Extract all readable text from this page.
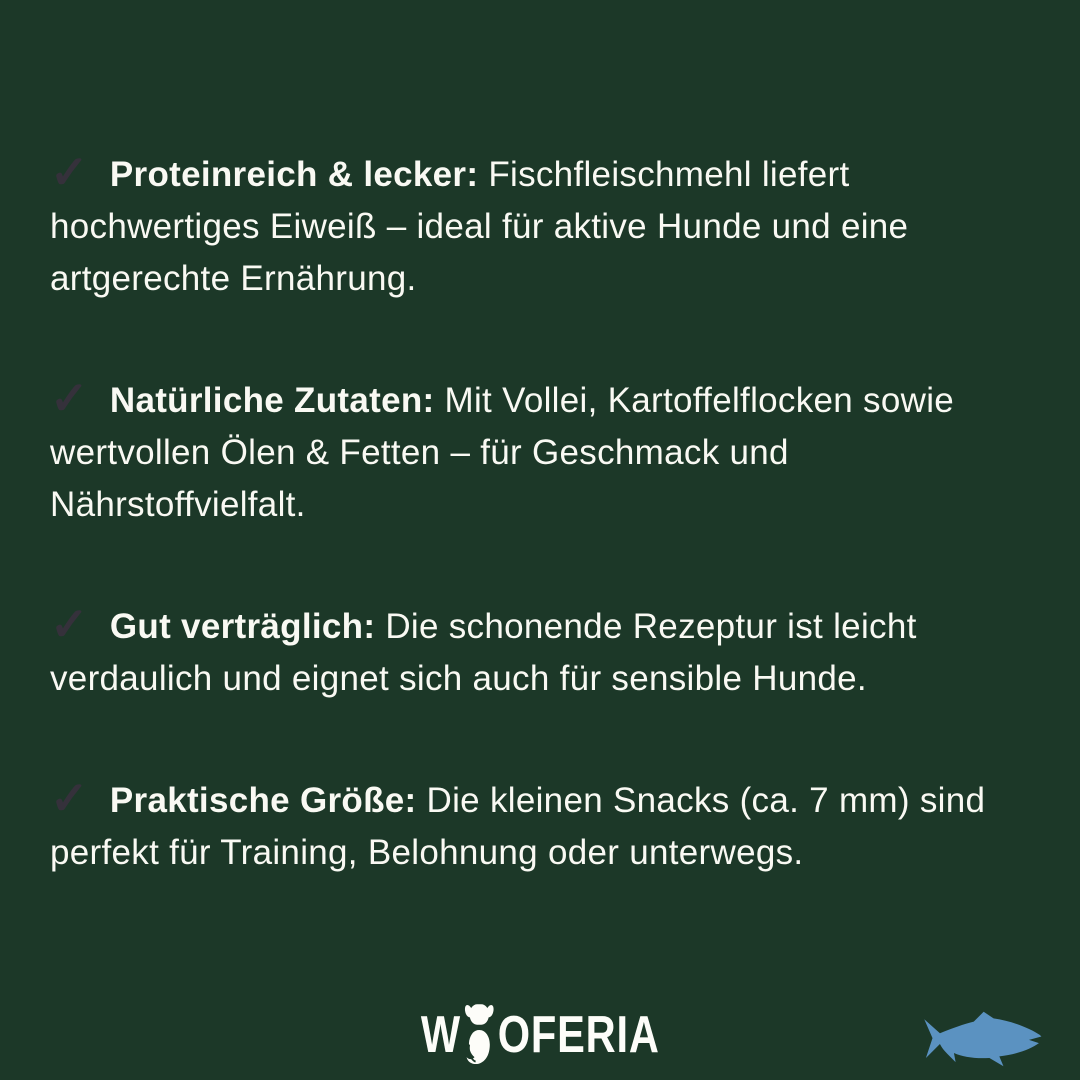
✓ Proteinreich & lecker: Fischfleischmehl liefert hochwertiges Eiweiß – ideal für aktive Hunde und eine artgerechte Ernährung.

✓ Natürliche Zutaten: Mit Vollei, Kartoffelflocken sowie wertvollen Ölen & Fetten – für Geschmack und Nährstoffvielfalt.

✓ Gut verträglich: Die schonende Rezeptur ist leicht verdaulich und eignet sich auch für sensible Hunde.

✓ Praktische Größe: Die kleinen Snacks (ca. 7 mm) sind perfekt für Training, Belohnung oder unterwegs.

W OFERIA
